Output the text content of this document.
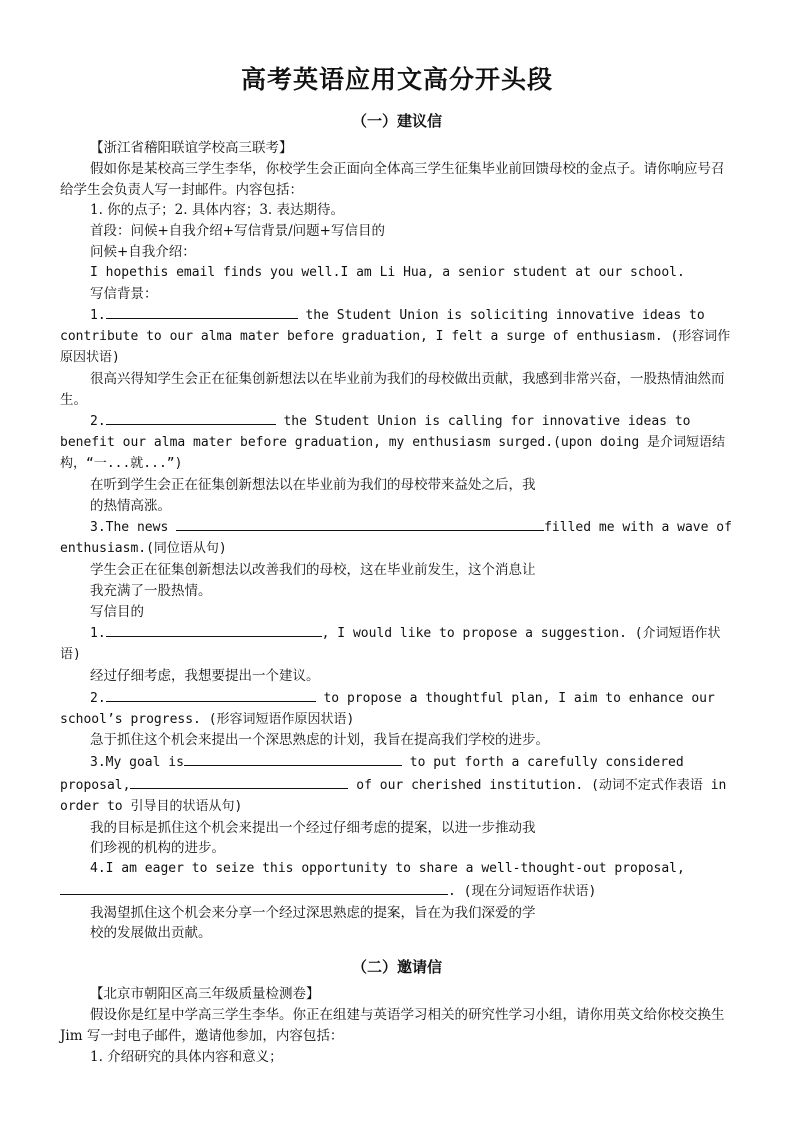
高考英语应用文高分开头段
（一）建议信

【浙江省稽阳联谊学校高三联考】

假如你是某校高三学生李华，你校学生会正面向全体高三学生征集毕业前回馈母校的金点子。请你响应号召给学生会负责人写一封邮件。内容包括：

1. 你的点子；2. 具体内容；3. 表达期待。

首段：问候+自我介绍+写信背景/问题+写信目的

问候+自我介绍：

I hopethis email finds you well.I am Li Hua, a senior student at our school.

写信背景：

1.	the Student Union is soliciting innovative ideas to contribute to our alma mater before graduation, I felt a surge of enthusiasm. (形容词作原因状语)

很高兴得知学生会正在征集创新想法以在毕业前为我们的母校做出贡献，我感到非常兴奋，一股热情油然而生。

2.	the Student Union is calling for innovative ideas to benefit our alma mater before graduation, my enthusiasm surged.(upon doing 是介词短语结构，“一...就...”)

在听到学生会正在征集创新想法以在毕业前为我们的母校带来益处之后，我

的热情高涨。

3.The news	filled me with a wave of enthusiasm.(同位语从句)

学生会正在征集创新想法以改善我们的母校，这在毕业前发生，这个消息让

我充满了一股热情。

写信目的

1.	, I would like to propose a suggestion. (介词短语作状语)

经过仔细考虑，我想要提出一个建议。

2.	to propose a thoughtful plan, I aim to enhance our school’s progress. (形容词短语作原因状语)

急于抓住这个机会来提出一个深思熟虑的计划，我旨在提高我们学校的进步。

3.My goal is	to put forth a carefully considered proposal,	of our cherished institution. (动词不定式作表语 in order to 引导目的状语从句)

我的目标是抓住这个机会来提出一个经过仔细考虑的提案，以进一步推动我

们珍视的机构的进步。

4.I am eager to seize this opportunity to share a well-thought-out proposal, . (现在分词短语作状语)

我渴望抓住这个机会来分享一个经过深思熟虑的提案，旨在为我们深爱的学

校的发展做出贡献。

（二）邀请信

【北京市朝阳区高三年级质量检测卷】

假设你是红星中学高三学生李华。你正在组建与英语学习相关的研究性学习小组，请你用英文给你校交换生 Jim 写一封电子邮件，邀请他参加，内容包括：

1. 介绍研究的具体内容和意义；
